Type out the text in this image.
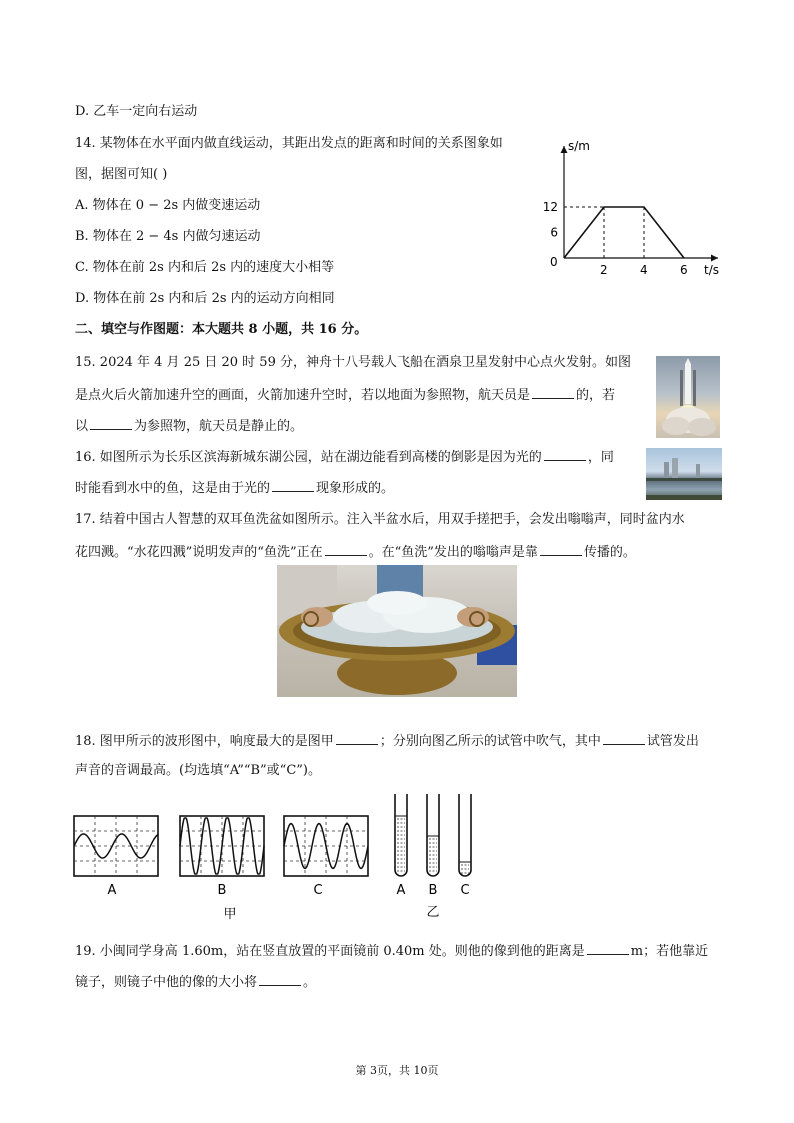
D. 乙车一定向右运动
14. 某物体在水平面内做直线运动，其距出发点的距离和时间的关系图象如
图，据图可知( )
A. 物体在 0 − 2s 内做变速运动
B. 物体在 2 − 4s 内做匀速运动
C. 物体在前 2s 内和后 2s 内的速度大小相等
D. 物体在前 2s 内和后 2s 内的运动方向相同
s/m
t/s
0
2	4	6
6
12
二、填空与作图题：本大题共 8 小题，共 16 分。
15. 2024 年 4 月 25 日 20 时 59 分，神舟十八号载人飞船在酒泉卫星发射中心点火发射。如图
是点火后火箭加速升空的画面，火箭加速升空时，若以地面为参照物，航天员是	的，若
以	为参照物，航天员是静止的。
16. 如图所示为长乐区滨海新城东湖公园，站在湖边能看到高楼的倒影是因为光的	，同
时能看到水中的鱼，这是由于光的	现象形成的。
17. 结着中国古人智慧的双耳鱼洗盆如图所示。注入半盆水后，用双手搓把手，会发出嗡嗡声，同时盆内水
花四溅。“水花四溅”说明发声的“鱼洗”正在	。在“鱼洗”发出的嗡嗡声是靠	传播的。
18. 图甲所示的波形图中，响度最大的是图甲	；分别向图乙所示的试管中吹气，其中	试管发出
声音的音调最高。(均选填“A”“B”或“C”)。
A	B	C
甲
A B C
乙
19. 小闽同学身高 1.60m，站在竖直放置的平面镜前 0.40m 处。则他的像到他的距离是	m；若他靠近
镜子，则镜子中他的像的大小将	。
第 3页，共 10页
